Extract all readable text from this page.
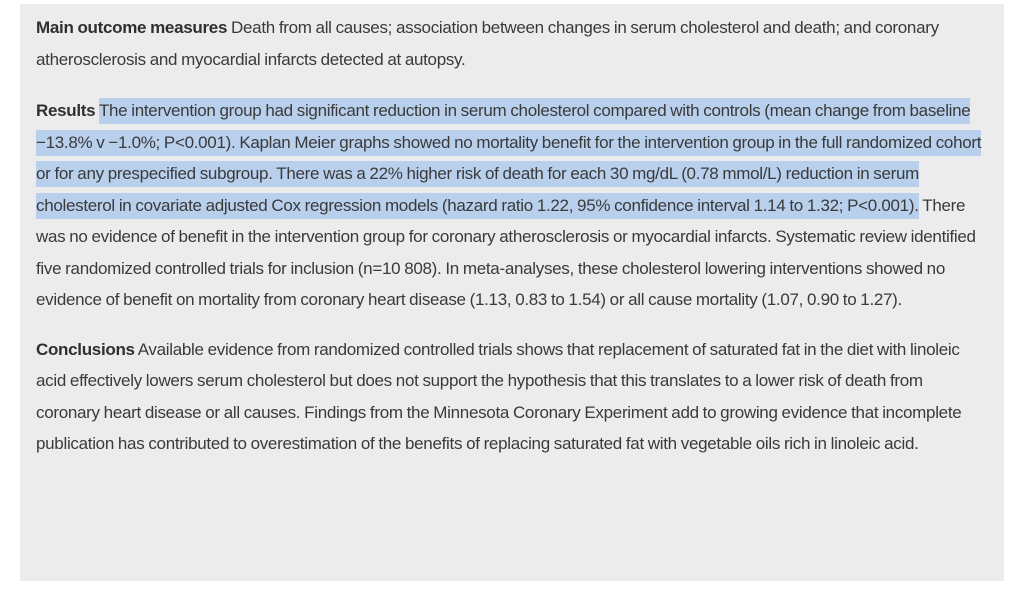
Main outcome measures Death from all causes; association between changes in serum cholesterol and death; and coronary atherosclerosis and myocardial infarcts detected at autopsy.

Results The intervention group had significant reduction in serum cholesterol compared with controls (mean change from baseline −13.8% v −1.0%; P<0.001). Kaplan Meier graphs showed no mortality benefit for the intervention group in the full randomized cohort or for any prespecified subgroup. There was a 22% higher risk of death for each 30 mg/dL (0.78 mmol/L) reduction in serum cholesterol in covariate adjusted Cox regression models (hazard ratio 1.22, 95% confidence interval 1.14 to 1.32; P<0.001). There was no evidence of benefit in the intervention group for coronary atherosclerosis or myocardial infarcts. Systematic review identified five randomized controlled trials for inclusion (n=10 808). In meta-analyses, these cholesterol lowering interventions showed no evidence of benefit on mortality from coronary heart disease (1.13, 0.83 to 1.54) or all cause mortality (1.07, 0.90 to 1.27).

Conclusions Available evidence from randomized controlled trials shows that replacement of saturated fat in the diet with linoleic acid effectively lowers serum cholesterol but does not support the hypothesis that this translates to a lower risk of death from coronary heart disease or all causes. Findings from the Minnesota Coronary Experiment add to growing evidence that incomplete publication has contributed to overestimation of the benefits of replacing saturated fat with vegetable oils rich in linoleic acid.
